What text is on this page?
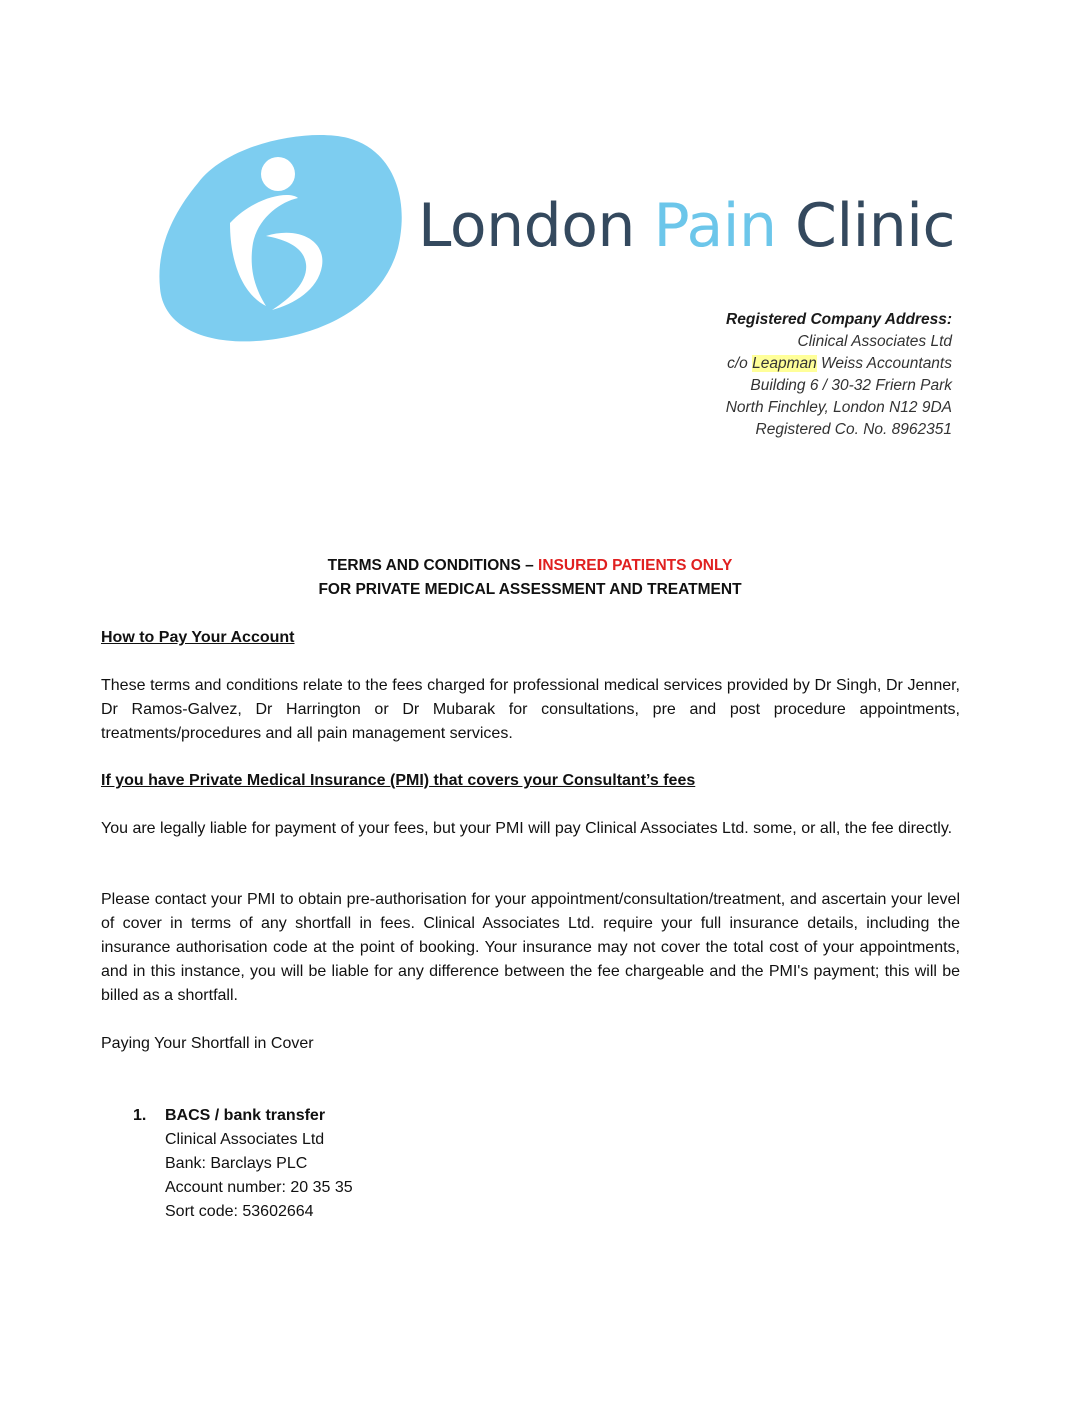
London Pain Clinic
Registered Company Address:
Clinical Associates Ltd
c/o Leapman Weiss Accountants
Building 6 / 30-32 Friern Park
North Finchley, London N12 9DA
Registered Co. No. 8962351
TERMS AND CONDITIONS – INSURED PATIENTS ONLY
FOR PRIVATE MEDICAL ASSESSMENT AND TREATMENT
How to Pay Your Account
These terms and conditions relate to the fees charged for professional medical services provided by Dr Singh, Dr Jenner, Dr Ramos-Galvez, Dr Harrington or Dr Mubarak for consultations, pre and post procedure appointments, treatments/procedures and all pain management services.
If you have Private Medical Insurance (PMI) that covers your Consultant’s fees
You are legally liable for payment of your fees, but your PMI will pay Clinical Associates Ltd. some, or all, the fee directly.
Please contact your PMI to obtain pre-authorisation for your appointment/consultation/treatment, and ascertain your level of cover in terms of any shortfall in fees. Clinical Associates Ltd. require your full insurance details, including the insurance authorisation code at the point of booking. Your insurance may not cover the total cost of your appointments, and in this instance, you will be liable for any difference between the fee chargeable and the PMI's payment; this will be billed as a shortfall.
Paying Your Shortfall in Cover
1. BACS / bank transfer
Clinical Associates Ltd
Bank: Barclays PLC
Account number: 20 35 35
Sort code: 53602664
